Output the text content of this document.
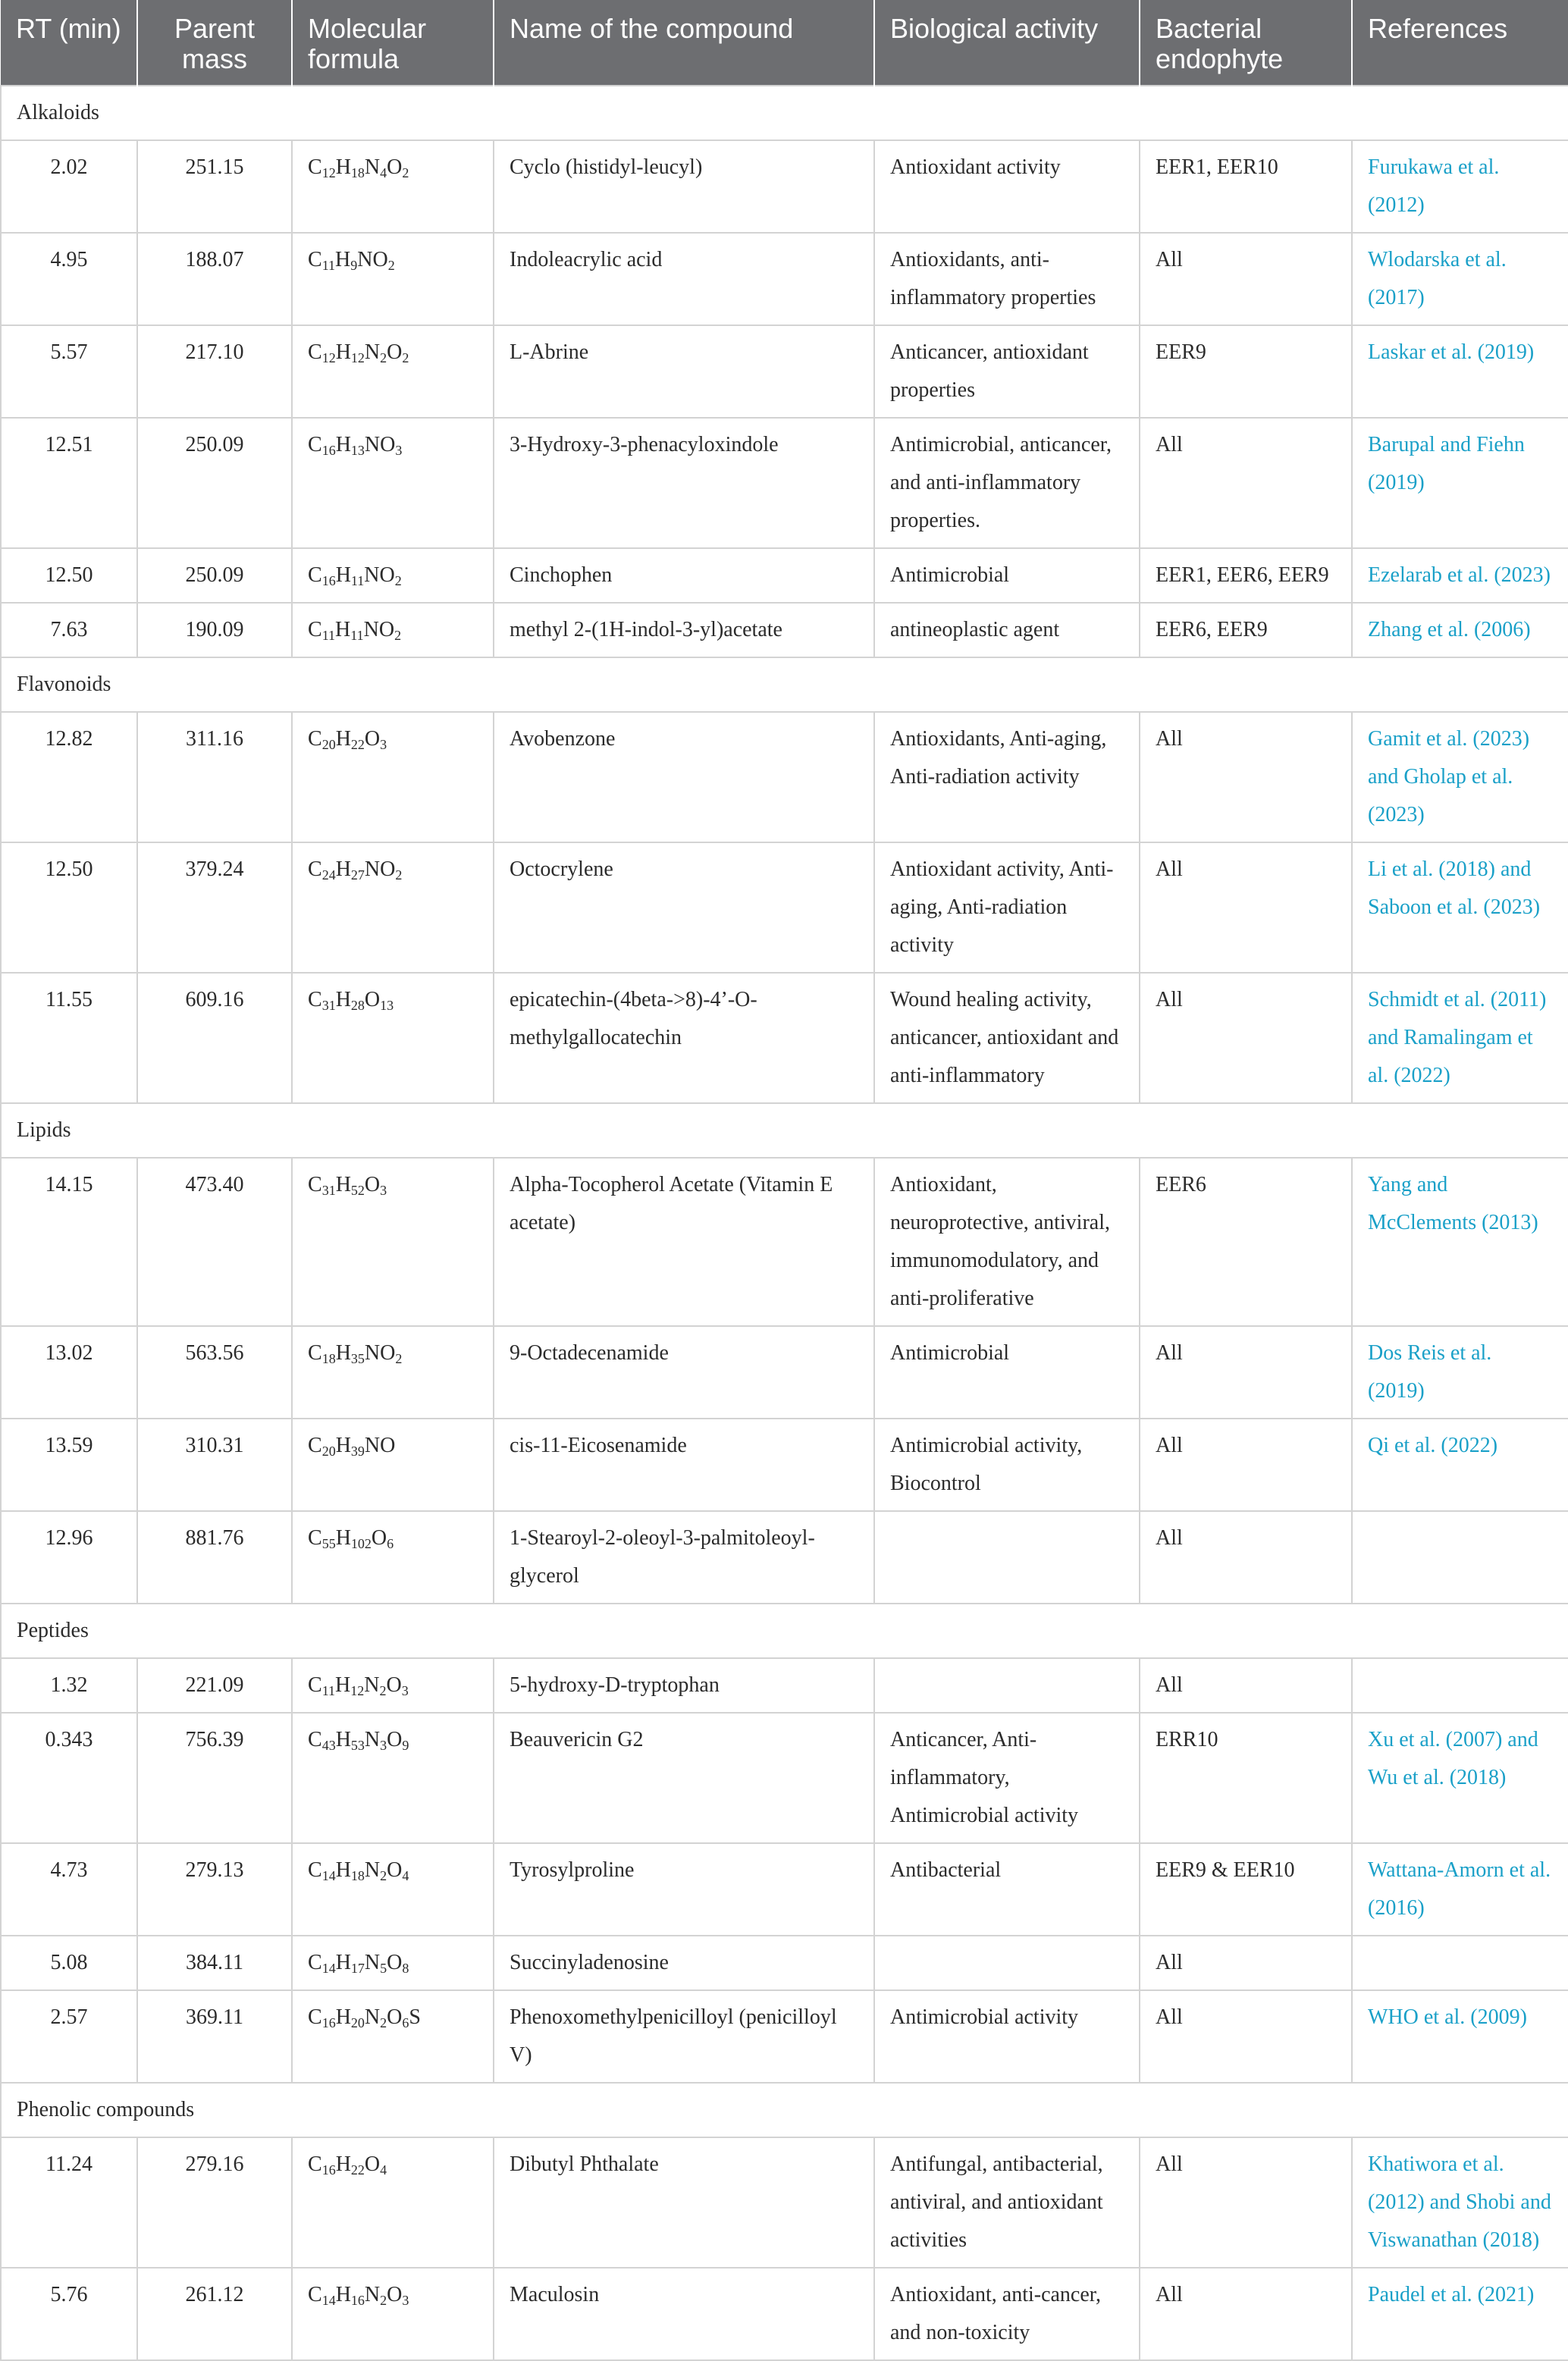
RT (min)	Parent mass	Molecular formula	Name of the compound	Biological activity	Bacterial endophyte	References
Alkaloids						
2.02	251.15	$C_{12}H_{18}N_4O_2$	Cyclo (histidyl-leucyl)	Antioxidant activity	EER1, EER10	Furukawa et al. (2012)
4.95	188.07	$C_{11}H_9NO_2$	Indoleacrylic acid	Antioxidants, anti-inflammatory properties	All	Wlodarska et al. (2017)
5.57	217.10	$C_{12}H_{12}N_2O_2$	L-Abrine	Anticancer, antioxidant properties	EER9	Laskar et al. (2019)
12.51	250.09	$C_{16}H_{13}NO_3$	3-Hydroxy-3-phenacyloxindole	Antimicrobial, anticancer, and anti-inflammatory properties.	All	Barupal and Fiehn (2019)
12.50	250.09	$C_{16}H_{11}NO_2$	Cinchophen	Antimicrobial	EER1, EER6, EER9	Ezelarab et al. (2023)
7.63	190.09	$C_{11}H_{11}NO_2$	methyl 2-(1H-indol-3-yl)acetate	antineoplastic agent	EER6, EER9	Zhang et al. (2006)
Flavonoids						
12.82	311.16	$C_{20}H_{22}O_3$	Avobenzone	Antioxidants, Anti-aging, Anti-radiation activity	All	Gamit et al. (2023) and Gholap et al. (2023)
12.50	379.24	$C_{24}H_{27}NO_2$	Octocrylene	Antioxidant activity, Anti-aging, Anti-radiation activity	All	Li et al. (2018) and Saboon et al. (2023)
11.55	609.16	$C_{31}H_{28}O_{13}$	epicatechin-(4beta->8)-4’-O-methylgallocatechin	Wound healing activity, anticancer, antioxidant and anti-inflammatory	All	Schmidt et al. (2011) and Ramalingam et al. (2022)
Lipids						
14.15	473.40	$C_{31}H_{52}O_3$	Alpha-Tocopherol Acetate (Vitamin E acetate)	Antioxidant, neuroprotective, antiviral, immunomodulatory, and anti-proliferative	EER6	Yang and McClements (2013)
13.02	563.56	$C_{18}H_{35}NO_2$	9-Octadecenamide	Antimicrobial	All	Dos Reis et al. (2019)
13.59	310.31	$C_{20}H_{39}NO$	cis-11-Eicosenamide	Antimicrobial activity, Biocontrol	All	Qi et al. (2022)
12.96	881.76	$C_{55}H_{102}O_6$	1-Stearoyl-2-oleoyl-3-palmitoleoyl-glycerol		All	
Peptides						
1.32	221.09	$C_{11}H_{12}N_2O_3$	5-hydroxy-D-tryptophan		All	
0.343	756.39	$C_{43}H_{53}N_3O_9$	Beauvericin G2	Anticancer, Anti-inflammatory, Antimicrobial activity	ERR10	Xu et al. (2007) and Wu et al. (2018)
4.73	279.13	$C_{14}H_{18}N_2O_4$	Tyrosylproline	Antibacterial	EER9 & EER10	Wattana-Amorn et al. (2016)
5.08	384.11	$C_{14}H_{17}N_5O_8$	Succinyladenosine		All	
2.57	369.11	$C_{16}H_{20}N_2O_6S$	Phenoxomethylpenicilloyl (penicilloyl V)	Antimicrobial activity	All	WHO et al. (2009)
Phenolic compounds						
11.24	279.16	$C_{16}H_{22}O_4$	Dibutyl Phthalate	Antifungal, antibacterial, antiviral, and antioxidant activities	All	Khatiwora et al. (2012) and Shobi and Viswanathan (2018)
5.76	261.12	$C_{14}H_{16}N_2O_3$	Maculosin	Antioxidant, anti-cancer, and non-toxicity	All	Paudel et al. (2021)
